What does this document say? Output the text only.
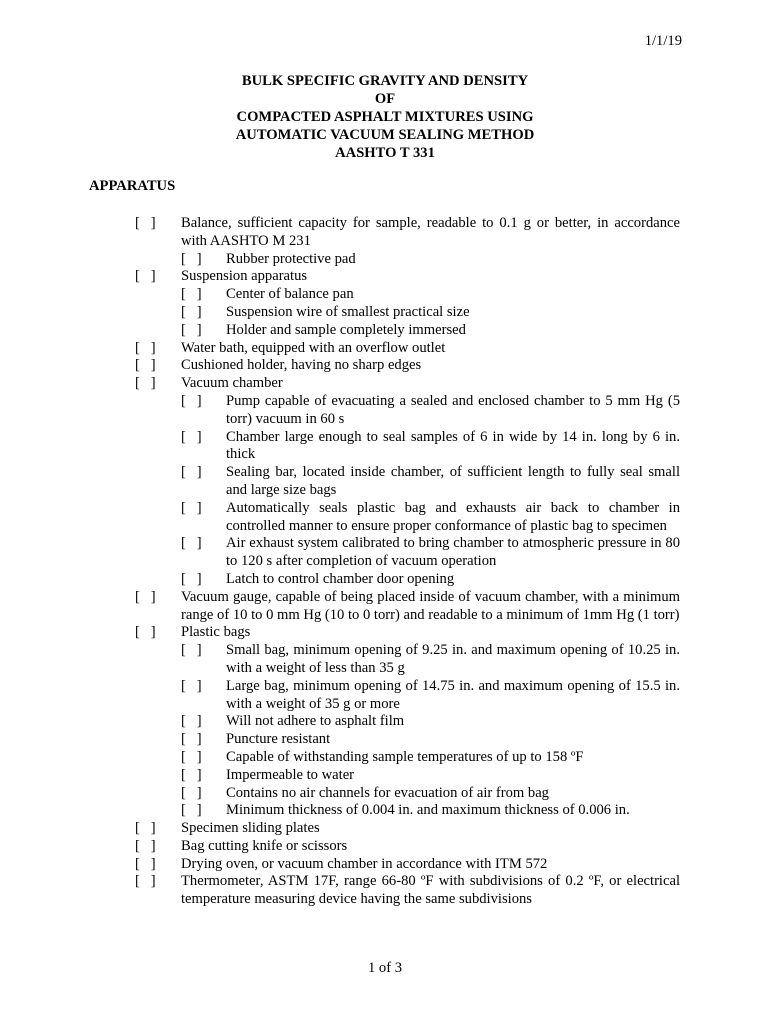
1/1/19
BULK SPECIFIC GRAVITY AND DENSITY
OF
COMPACTED ASPHALT MIXTURES USING
AUTOMATIC VACUUM SEALING METHOD
AASHTO T 331
APPARATUS
[   ]	Balance, sufficient capacity for sample, readable to 0.1 g or better, in accordance with AASHTO M 231
[   ]	Rubber protective pad
[   ]	Suspension apparatus
[   ]	Center of balance pan
[   ]	Suspension wire of smallest practical size
[   ]	Holder and sample completely immersed
[   ]	Water bath, equipped with an overflow outlet
[   ]	Cushioned holder, having no sharp edges
[   ]	Vacuum chamber
[   ]	Pump capable of evacuating a sealed and enclosed chamber to 5 mm Hg (5 torr) vacuum in 60 s
[   ]	Chamber large enough to seal samples of 6 in wide by 14 in. long by 6 in. thick
[   ]	Sealing bar, located inside chamber, of sufficient length to fully seal small and large size bags
[   ]	Automatically seals plastic bag and exhausts air back to chamber in controlled manner to ensure proper conformance of plastic bag to specimen
[   ]	Air exhaust system calibrated to bring chamber to atmospheric pressure in 80 to 120 s after completion of vacuum operation
[   ]	Latch to control chamber door opening
[   ]	Vacuum gauge, capable of being placed inside of vacuum chamber, with a minimum range of 10 to 0 mm Hg (10 to 0 torr) and readable to a minimum of 1mm Hg (1 torr)
[   ]	Plastic bags
[   ]	Small bag, minimum opening of 9.25 in. and maximum opening of 10.25 in. with a weight of less than 35 g
[   ]	Large bag, minimum opening of 14.75 in. and maximum opening of 15.5 in. with a weight of 35 g or more
[   ]	Will not adhere to asphalt film
[   ]	Puncture resistant
[   ]	Capable of withstanding sample temperatures of up to 158 ºF
[   ]	Impermeable to water
[   ]	Contains no air channels for evacuation of air from bag
[   ]	Minimum thickness of 0.004 in. and maximum thickness of 0.006 in.
[   ]	Specimen sliding plates
[   ]	Bag cutting knife or scissors
[   ]	Drying oven, or vacuum chamber in accordance with ITM 572
[   ]	Thermometer, ASTM 17F, range 66-80 ºF with subdivisions of 0.2 ºF, or electrical temperature measuring device having the same subdivisions
1 of 3
